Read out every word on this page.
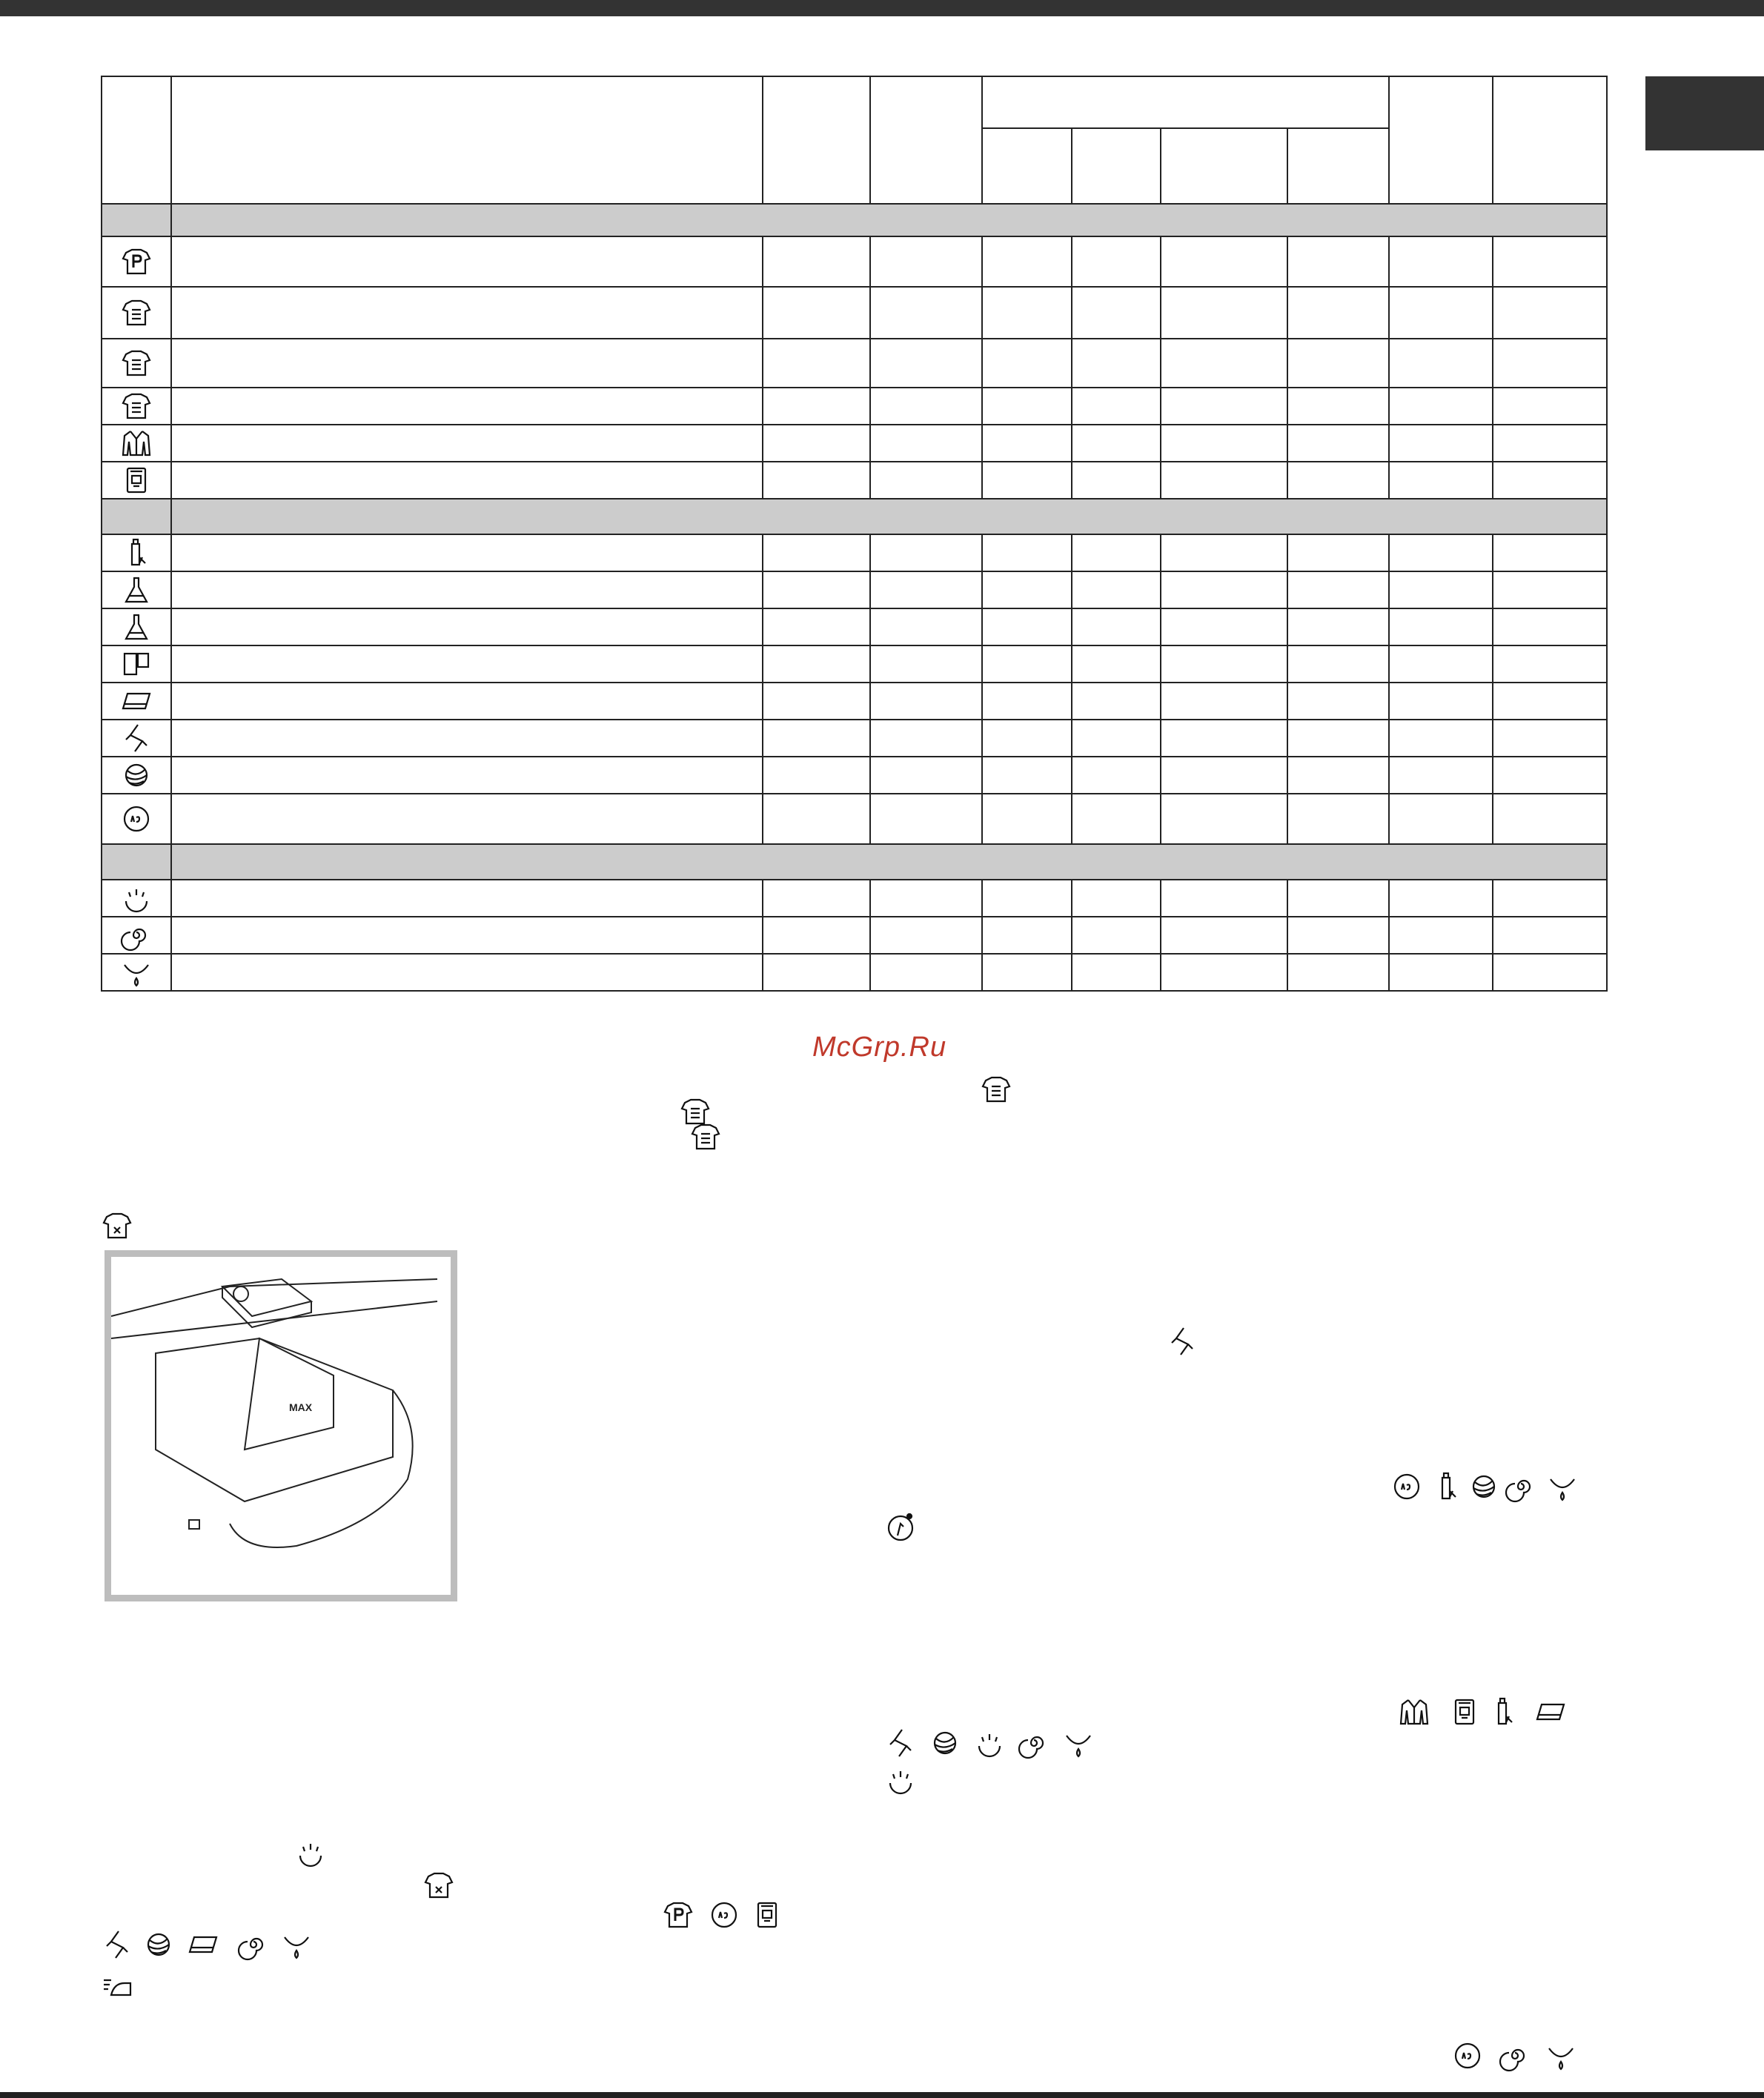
McGrp.Ru
MAX
